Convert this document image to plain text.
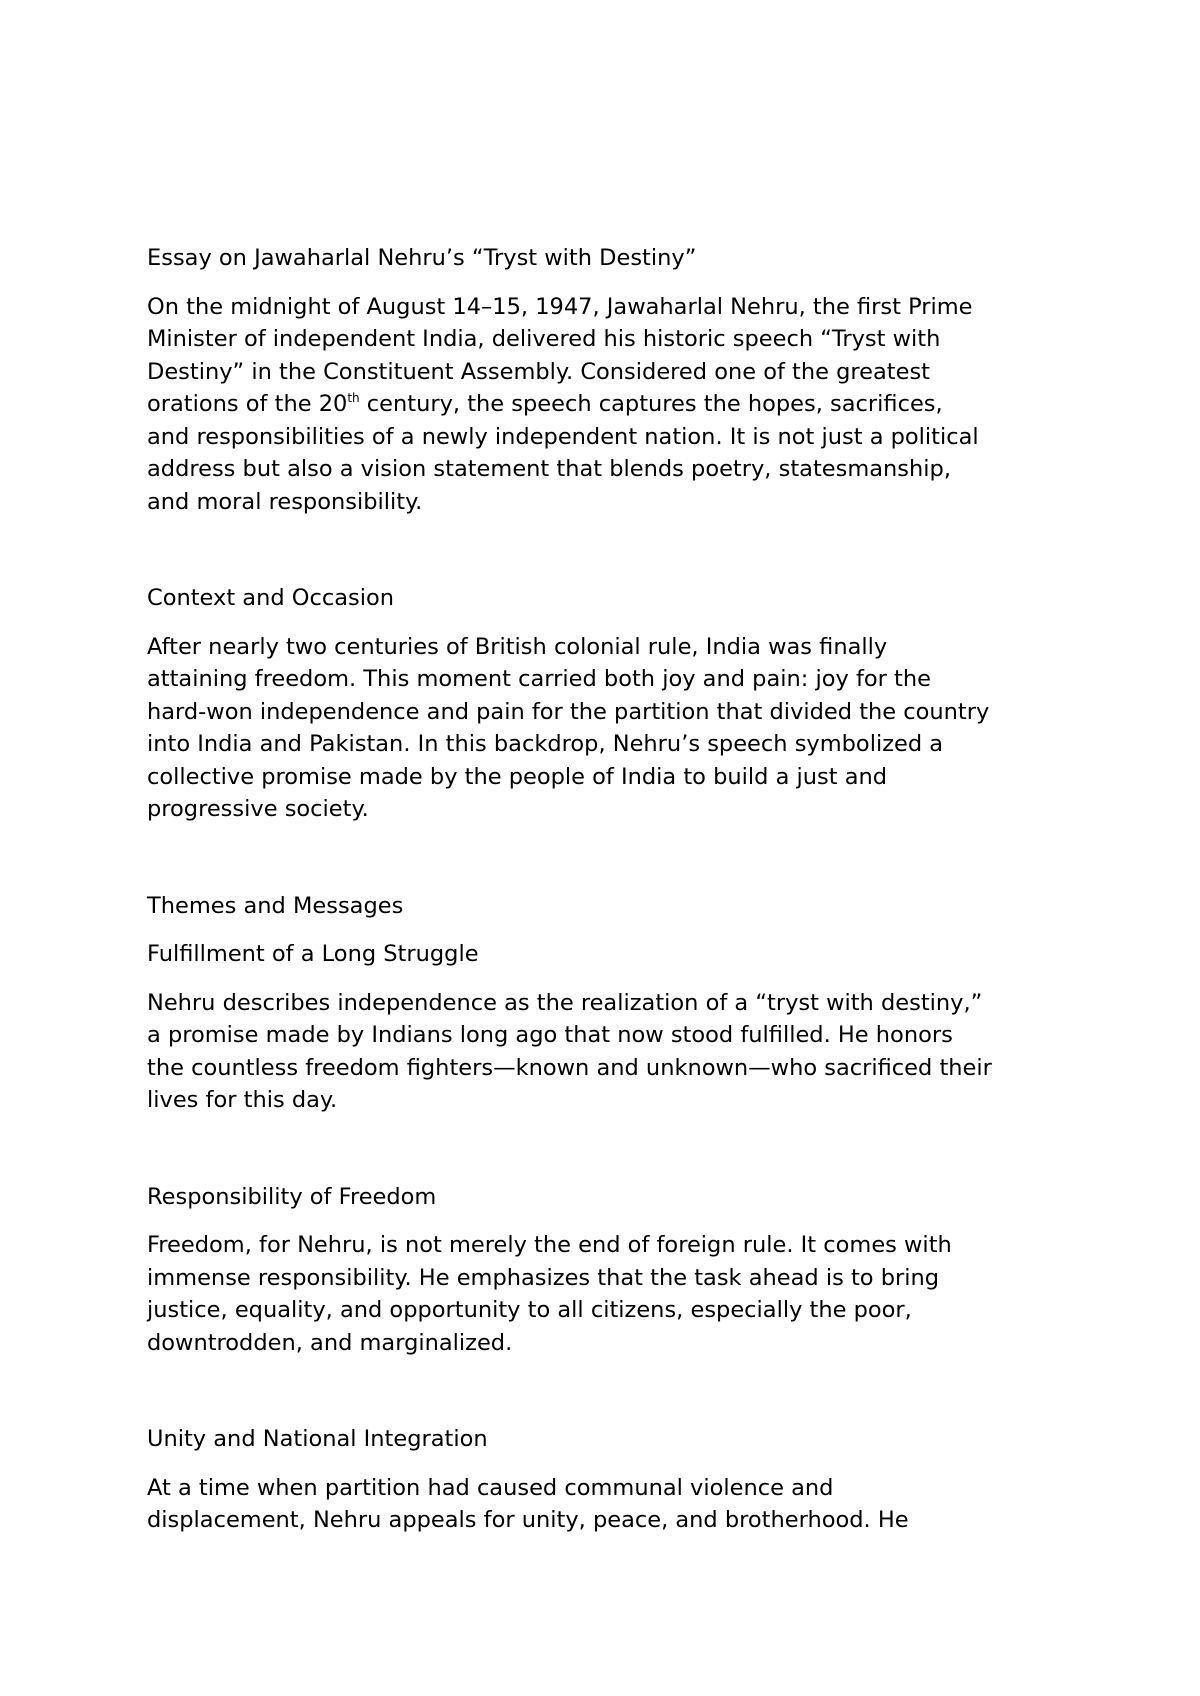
Essay on Jawaharlal Nehru’s “Tryst with Destiny”

On the midnight of August 14–15, 1947, Jawaharlal Nehru, the first Prime

Minister of independent India, delivered his historic speech “Tryst with

Destiny” in the Constituent Assembly. Considered one of the greatest

orations of the 20th century, the speech captures the hopes, sacrifices,

and responsibilities of a newly independent nation. It is not just a political

address but also a vision statement that blends poetry, statesmanship,

and moral responsibility.

Context and Occasion

After nearly two centuries of British colonial rule, India was finally

attaining freedom. This moment carried both joy and pain: joy for the

hard-won independence and pain for the partition that divided the country

into India and Pakistan. In this backdrop, Nehru’s speech symbolized a

collective promise made by the people of India to build a just and

progressive society.

Themes and Messages

Fulfillment of a Long Struggle

Nehru describes independence as the realization of a “tryst with destiny,”

a promise made by Indians long ago that now stood fulfilled. He honors

the countless freedom fighters—known and unknown—who sacrificed their

lives for this day.

Responsibility of Freedom

Freedom, for Nehru, is not merely the end of foreign rule. It comes with

immense responsibility. He emphasizes that the task ahead is to bring

justice, equality, and opportunity to all citizens, especially the poor,

downtrodden, and marginalized.

Unity and National Integration

At a time when partition had caused communal violence and

displacement, Nehru appeals for unity, peace, and brotherhood. He
